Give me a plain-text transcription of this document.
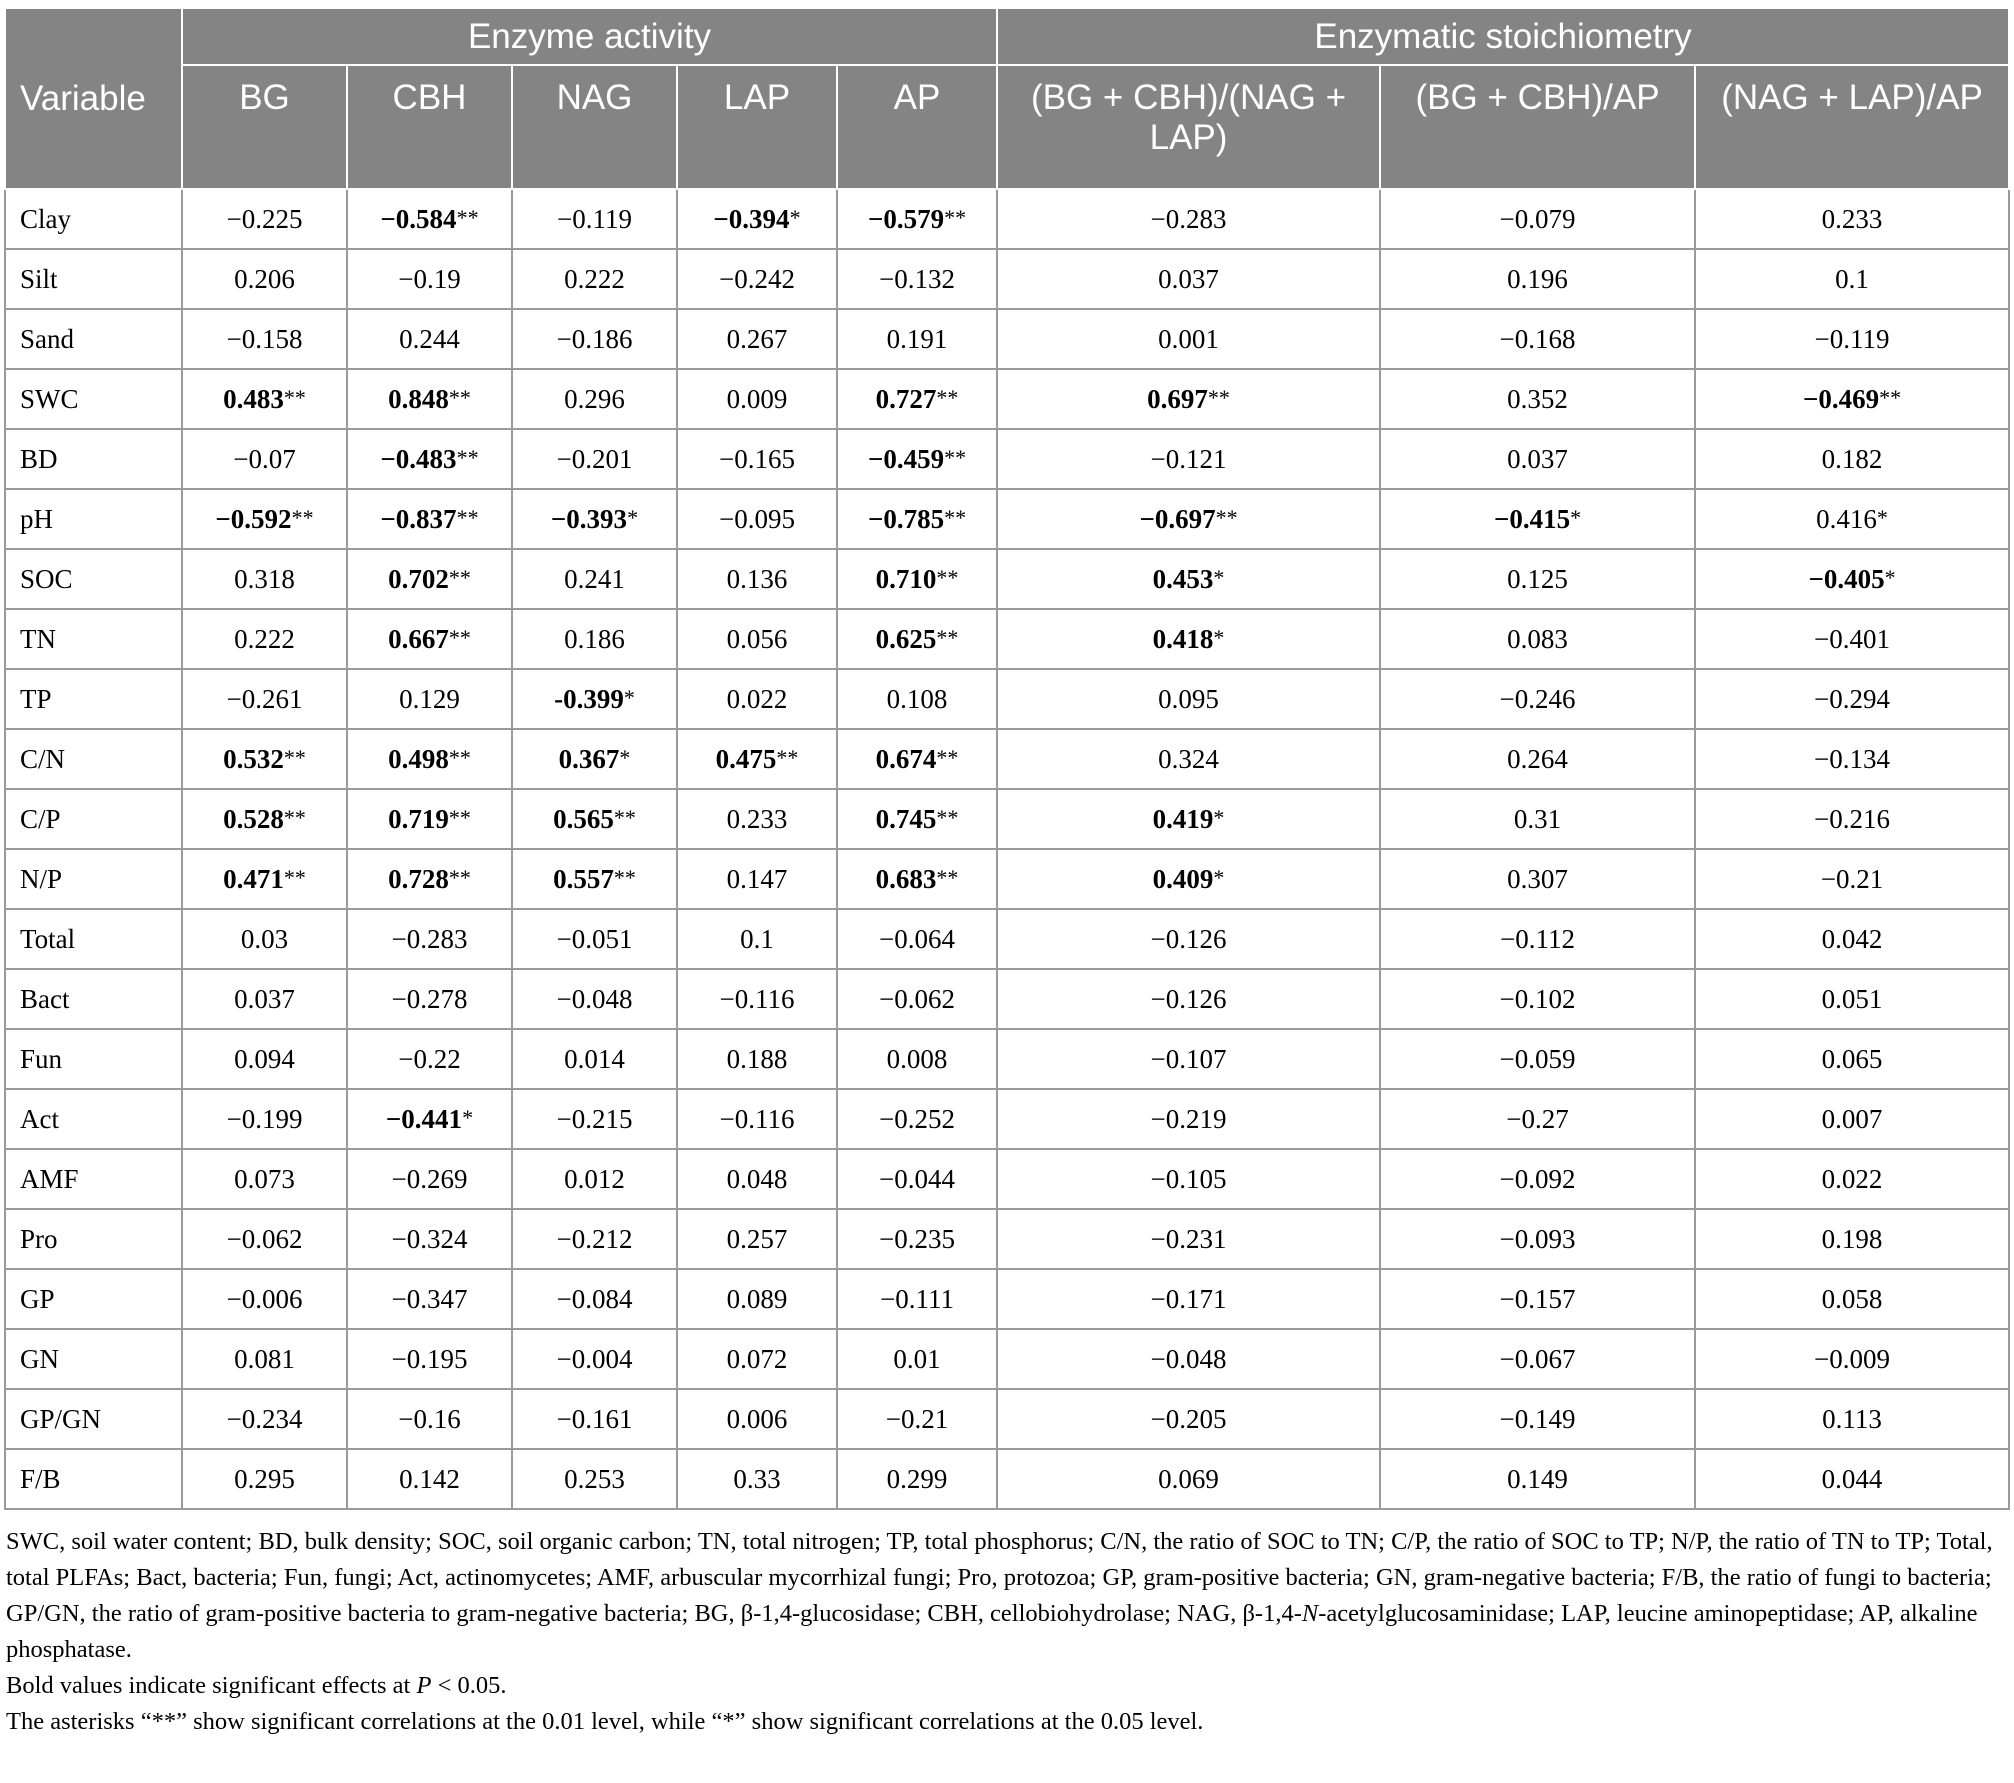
Variable	Enzyme activity					Enzymatic stoichiometry		
	BG	CBH	NAG	LAP	AP	(BG + CBH)/(NAG + LAP)	(BG + CBH)/AP	(NAG + LAP)/AP
Clay	−0.225	−0.584**	−0.119	−0.394*	−0.579**	−0.283	−0.079	0.233
Silt	0.206	−0.19	0.222	−0.242	−0.132	0.037	0.196	0.1
Sand	−0.158	0.244	−0.186	0.267	0.191	0.001	−0.168	−0.119
SWC	0.483**	0.848**	0.296	0.009	0.727**	0.697**	0.352	−0.469**
BD	−0.07	−0.483**	−0.201	−0.165	−0.459**	−0.121	0.037	0.182
pH	−0.592**	−0.837**	−0.393*	−0.095	−0.785**	−0.697**	−0.415*	0.416*
SOC	0.318	0.702**	0.241	0.136	0.710**	0.453*	0.125	−0.405*
TN	0.222	0.667**	0.186	0.056	0.625**	0.418*	0.083	−0.401
TP	−0.261	0.129	-0.399*	0.022	0.108	0.095	−0.246	−0.294
C/N	0.532**	0.498**	0.367*	0.475**	0.674**	0.324	0.264	−0.134
C/P	0.528**	0.719**	0.565**	0.233	0.745**	0.419*	0.31	−0.216
N/P	0.471**	0.728**	0.557**	0.147	0.683**	0.409*	0.307	−0.21
Total	0.03	−0.283	−0.051	0.1	−0.064	−0.126	−0.112	0.042
Bact	0.037	−0.278	−0.048	−0.116	−0.062	−0.126	−0.102	0.051
Fun	0.094	−0.22	0.014	0.188	0.008	−0.107	−0.059	0.065
Act	−0.199	−0.441*	−0.215	−0.116	−0.252	−0.219	−0.27	0.007
AMF	0.073	−0.269	0.012	0.048	−0.044	−0.105	−0.092	0.022
Pro	−0.062	−0.324	−0.212	0.257	−0.235	−0.231	−0.093	0.198
GP	−0.006	−0.347	−0.084	0.089	−0.111	−0.171	−0.157	0.058
GN	0.081	−0.195	−0.004	0.072	0.01	−0.048	−0.067	−0.009
GP/GN	−0.234	−0.16	−0.161	0.006	−0.21	−0.205	−0.149	0.113
F/B	0.295	0.142	0.253	0.33	0.299	0.069	0.149	0.044

SWC, soil water content; BD, bulk density; SOC, soil organic carbon; TN, total nitrogen; TP, total phosphorus; C/N, the ratio of SOC to TN; C/P, the ratio of SOC to TP; N/P, the ratio of TN to TP; Total, total PLFAs; Bact, bacteria; Fun, fungi; Act, actinomycetes; AMF, arbuscular mycorrhizal fungi; Pro, protozoa; GP, gram-positive bacteria; GN, gram-negative bacteria; F/B, the ratio of fungi to bacteria; GP/GN, the ratio of gram-positive bacteria to gram-negative bacteria; BG, β-1,4-glucosidase; CBH, cellobiohydrolase; NAG, β-1,4-N-acetylglucosaminidase; LAP, leucine aminopeptidase; AP, alkaline phosphatase.

Bold values indicate significant effects at P < 0.05.

The asterisks “**” show significant correlations at the 0.01 level, while “*” show significant correlations at the 0.05 level.
